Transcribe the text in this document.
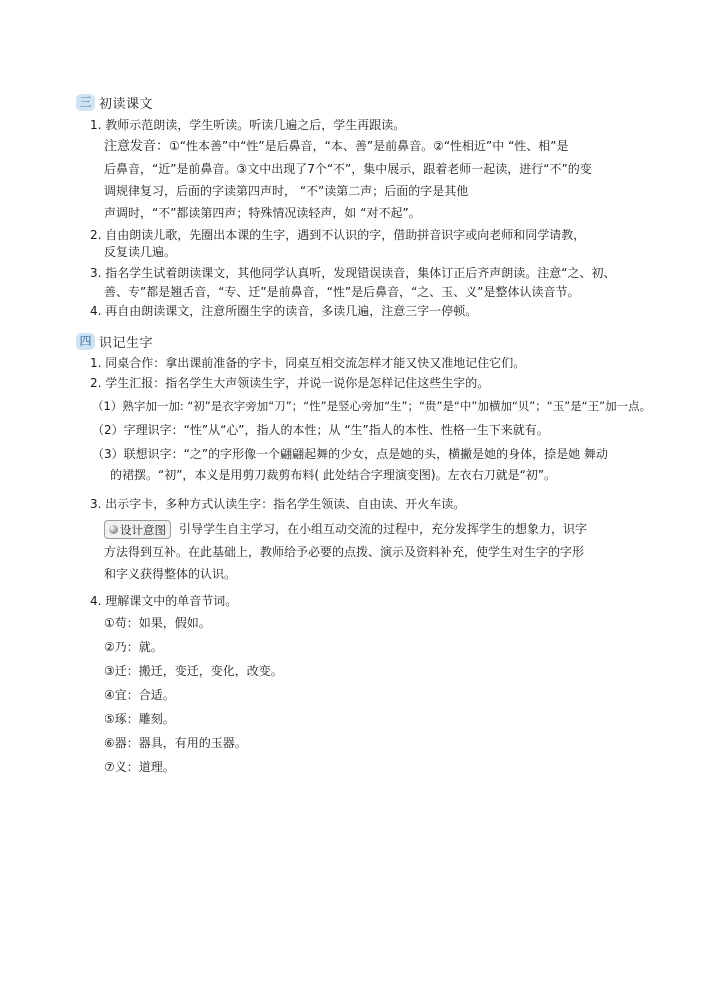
三 初读课文
1. 教师示范朗读，学生听读。听读几遍之后，学生再跟读。
注意发音：①“性本善”中“性”是后鼻音，“本、善”是前鼻音。②“性相近”中 “性、相”是
后鼻音，“近”是前鼻音。③文中出现了7个“不”，集中展示，跟着老师一起读，进行“不”的变
调规律复习，后面的字读第四声时， “不”读第二声；后面的字是其他
声调时，“不”都读第四声；特殊情况读轻声，如 “对不起”。
2. 自由朗读儿歌，先圈出本课的生字，遇到不认识的字，借助拼音识字或向老师和同学请教，
反复读几遍。
3. 指名学生试着朗读课文，其他同学认真听，发现错误读音，集体订正后齐声朗读。注意“之、初、
善、专”都是翘舌音，“专、迁”是前鼻音，“性”是后鼻音，“之、玉、义”是整体认读音节。
4. 再自由朗读课文，注意所圈生字的读音，多读几遍，注意三字一停顿。
四 识记生字
1. 同桌合作：拿出课前准备的字卡，同桌互相交流怎样才能又快又准地记住它们。
2. 学生汇报：指名学生大声领读生字，并说一说你是怎样记住这些生字的。
（1）熟字加一加: “初”是衣字旁加“刀”；“性”是竖心旁加“生”；“贵”是“中”加横加“贝”；“玉”是“王”加一点。
（2）字理识字：“性”从“心”，指人的本性；从 “生”指人的本性、性格一生下来就有。
（3）联想识字：“之”的字形像一个翩翩起舞的少女，点是她的头，横撇是她的身体，捺是她 舞动
的裙摆。“初”，本义是用剪刀裁剪布料( 此处结合字理演变图)。左衣右刀就是“初”。
3. 出示字卡，多种方式认读生字：指名学生领读、自由读、开火车读。
设计意图 引导学生自主学习，在小组互动交流的过程中，充分发挥学生的想象力，识字
方法得到互补。在此基础上，教师给予必要的点拨、演示及资料补充，使学生对生字的字形
和字义获得整体的认识。
4. 理解课文中的单音节词。
①苟：如果，假如。
②乃：就。
③迁：搬迁，变迁，变化，改变。
④宜：合适。
⑤琢：雕刻。
⑥器：器具，有用的玉器。
⑦义：道理。
